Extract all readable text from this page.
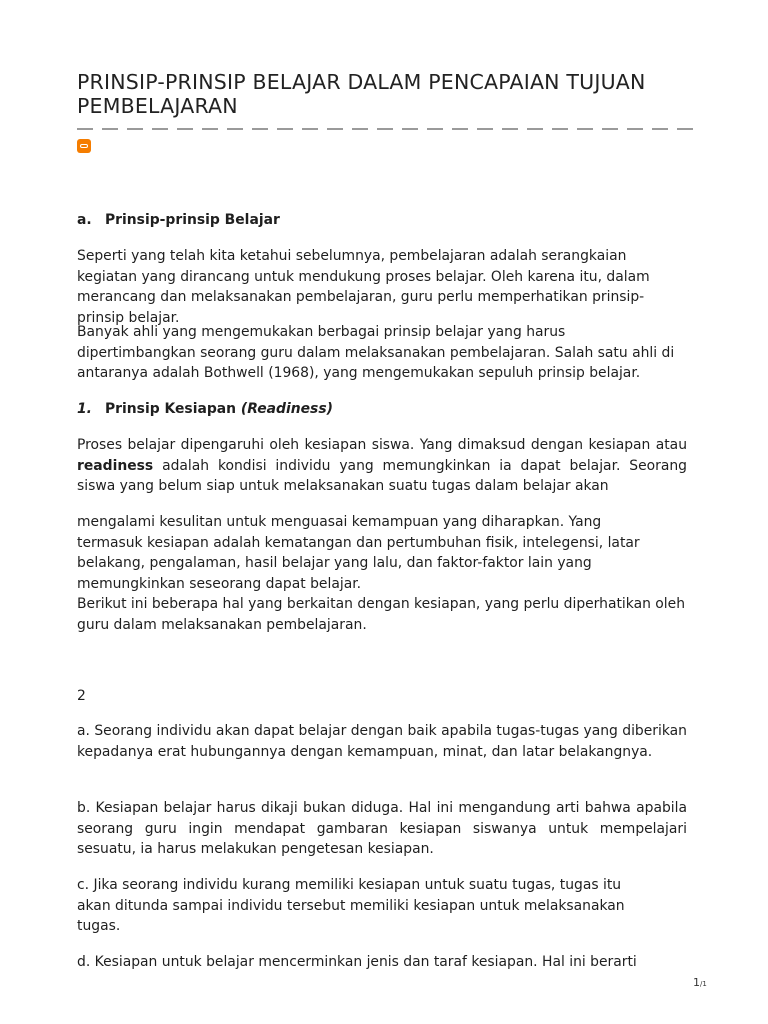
PRINSIP-PRINSIP BELAJAR DALAM PENCAPAIAN TUJUAN PEMBELAJARAN
a. Prinsip-prinsip Belajar
Seperti yang telah kita ketahui sebelumnya, pembelajaran adalah serangkaian kegiatan yang dirancang untuk mendukung proses belajar. Oleh karena itu, dalam merancang dan melaksanakan pembelajaran, guru perlu memperhatikan prinsip-prinsip belajar.
Banyak ahli yang mengemukakan berbagai prinsip belajar yang harus dipertimbangkan seorang guru dalam melaksanakan pembelajaran. Salah satu ahli di antaranya adalah Bothwell (1968), yang mengemukakan sepuluh prinsip belajar.
1. Prinsip Kesiapan (Readiness)
Proses belajar dipengaruhi oleh kesiapan siswa. Yang dimaksud dengan kesiapan atau readiness adalah kondisi individu yang memungkinkan ia dapat belajar. Seorang siswa yang belum siap untuk melaksanakan suatu tugas dalam belajar akan
mengalami kesulitan untuk menguasai kemampuan yang diharapkan. Yang
termasuk kesiapan adalah kematangan dan pertumbuhan fisik, intelegensi, latar
belakang, pengalaman, hasil belajar yang lalu, dan faktor-faktor lain yang
memungkinkan seseorang dapat belajar.
Berikut ini beberapa hal yang berkaitan dengan kesiapan, yang perlu diperhatikan oleh guru dalam melaksanakan pembelajaran.
2
a. Seorang individu akan dapat belajar dengan baik apabila tugas-tugas yang diberikan kepadanya erat hubungannya dengan kemampuan, minat, dan latar belakangnya.
b. Kesiapan belajar harus dikaji bukan diduga. Hal ini mengandung arti bahwa apabila seorang guru ingin mendapat gambaran kesiapan siswanya untuk mempelajari sesuatu, ia harus melakukan pengetesan kesiapan.
c. Jika seorang individu kurang memiliki kesiapan untuk suatu tugas, tugas itu
akan ditunda sampai individu tersebut memiliki kesiapan untuk melaksanakan
tugas.
d. Kesiapan untuk belajar mencerminkan jenis dan taraf kesiapan. Hal ini berarti
1/1
